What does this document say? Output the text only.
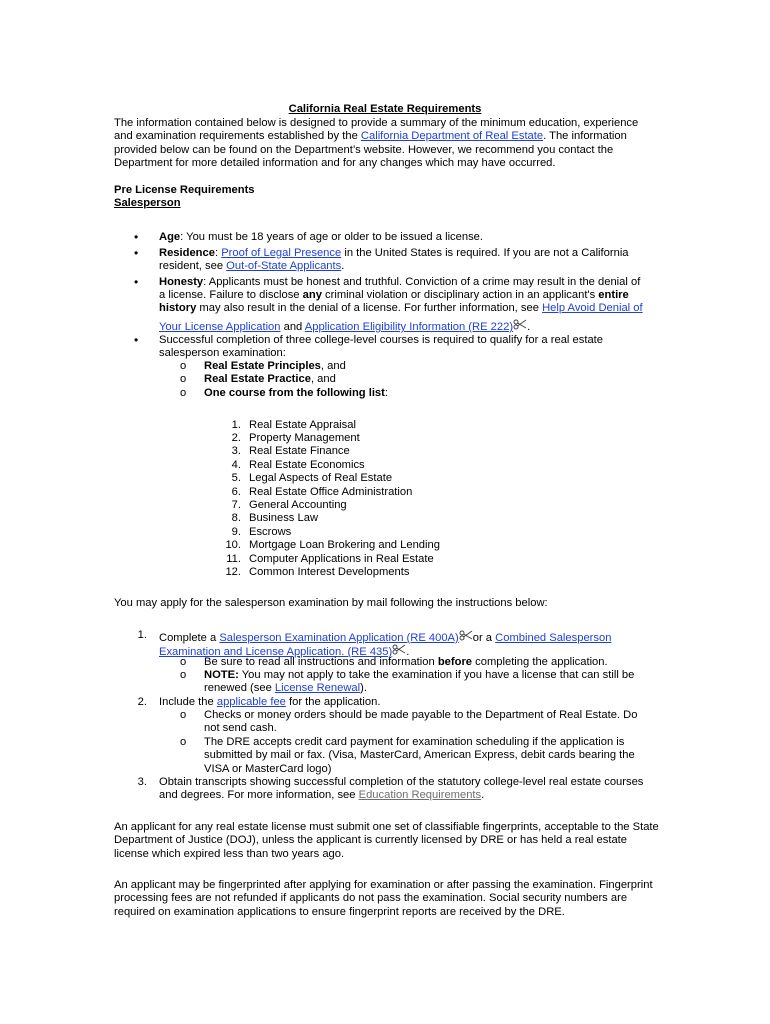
California Real Estate Requirements
The information contained below is designed to provide a summary of the minimum education, experience and examination requirements established by the California Department of Real Estate. The information provided below can be found on the Department’s website. However, we recommend you contact the Department for more detailed information and for any changes which may have occurred.
Pre License Requirements
Salesperson
• Age: You must be 18 years of age or older to be issued a license.
• Residence: Proof of Legal Presence in the United States is required. If you are not a California
resident, see Out-of-State Applicants.
• Honesty: Applicants must be honest and truthful. Conviction of a crime may result in the denial of
a license. Failure to disclose any criminal violation or disciplinary action in an applicant's entire
history may also result in the denial of a license. For further information, see Help Avoid Denial of
Your License Application and Application Eligibility Information (RE 222) .
• Successful completion of three college-level courses is required to qualify for a real estate
salesperson examination:
o Real Estate Principles, and
o Real Estate Practice, and
o One course from the following list:
1. Real Estate Appraisal
2. Property Management
3. Real Estate Finance
4. Real Estate Economics
5. Legal Aspects of Real Estate
6. Real Estate Office Administration
7. General Accounting
8. Business Law
9. Escrows
10. Mortgage Loan Brokering and Lending
11. Computer Applications in Real Estate
12. Common Interest Developments
You may apply for the salesperson examination by mail following the instructions below:
1. Complete a Salesperson Examination Application (RE 400A) or a Combined Salesperson
Examination and License Application. (RE 435) .
o Be sure to read all instructions and information before completing the application.
o NOTE: You may not apply to take the examination if you have a license that can still be
renewed (see License Renewal).
2. Include the applicable fee for the application.
o Checks or money orders should be made payable to the Department of Real Estate. Do
not send cash.
o The DRE accepts credit card payment for examination scheduling if the application is
submitted by mail or fax. (Visa, MasterCard, American Express, debit cards bearing the
VISA or MasterCard logo)
3. Obtain transcripts showing successful completion of the statutory college-level real estate courses
and degrees. For more information, see Education Requirements.
An applicant for any real estate license must submit one set of classifiable fingerprints, acceptable to the State Department of Justice (DOJ), unless the applicant is currently licensed by DRE or has held a real estate license which expired less than two years ago.
An applicant may be fingerprinted after applying for examination or after passing the examination. Fingerprint processing fees are not refunded if applicants do not pass the examination. Social security numbers are required on examination applications to ensure fingerprint reports are received by the DRE.
